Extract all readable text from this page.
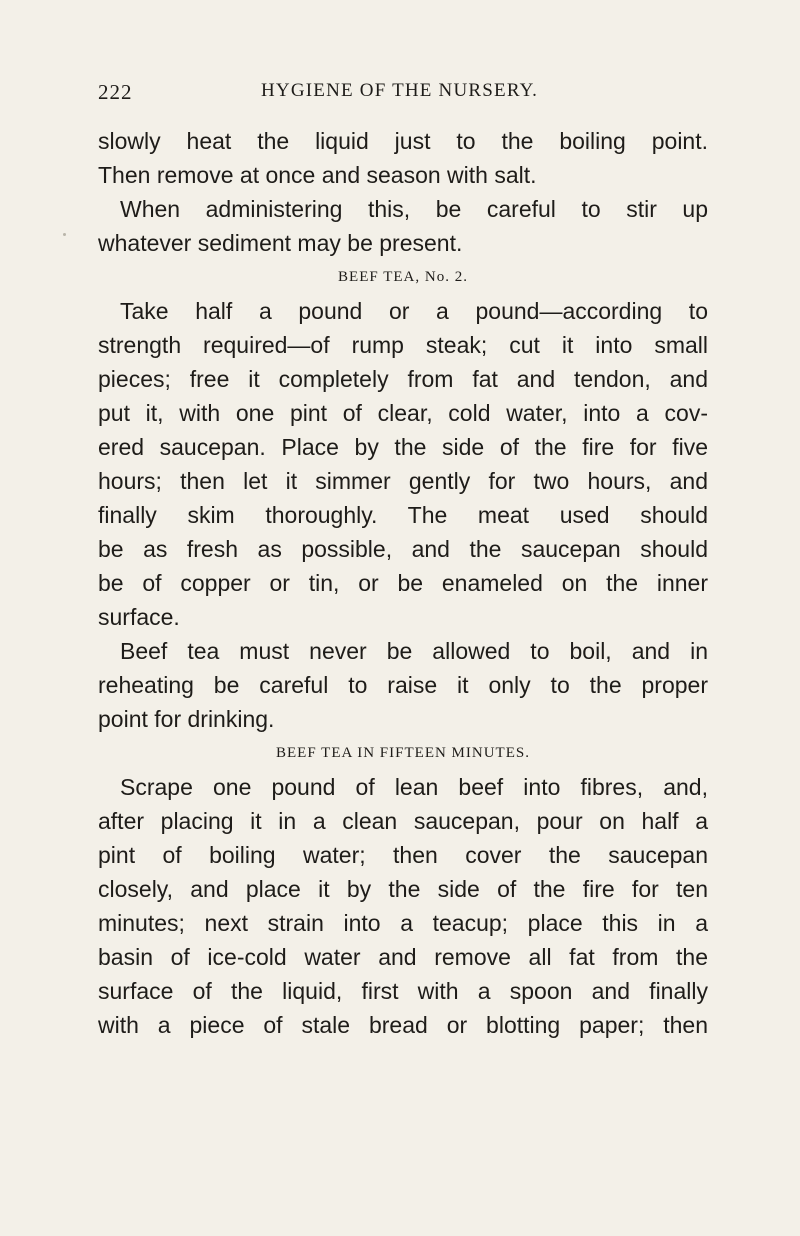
222	HYGIENE OF THE NURSERY.
slowly heat the liquid just to the boiling point.
Then remove at once and season with salt.
When administering this, be careful to stir up
whatever sediment may be present.
BEEF TEA, No. 2.
Take half a pound or a pound—according to
strength required—of rump steak; cut it into small
pieces; free it completely from fat and tendon, and
put it, with one pint of clear, cold water, into a cov-
ered saucepan. Place by the side of the fire for five
hours; then let it simmer gently for two hours, and
finally skim thoroughly. The meat used should
be as fresh as possible, and the saucepan should
be of copper or tin, or be enameled on the inner
surface.
Beef tea must never be allowed to boil, and in
reheating be careful to raise it only to the proper
point for drinking.
BEEF TEA IN FIFTEEN MINUTES.
Scrape one pound of lean beef into fibres, and,
after placing it in a clean saucepan, pour on half a
pint of boiling water; then cover the saucepan
closely, and place it by the side of the fire for ten
minutes; next strain into a teacup; place this in a
basin of ice-cold water and remove all fat from the
surface of the liquid, first with a spoon and finally
with a piece of stale bread or blotting paper; then
